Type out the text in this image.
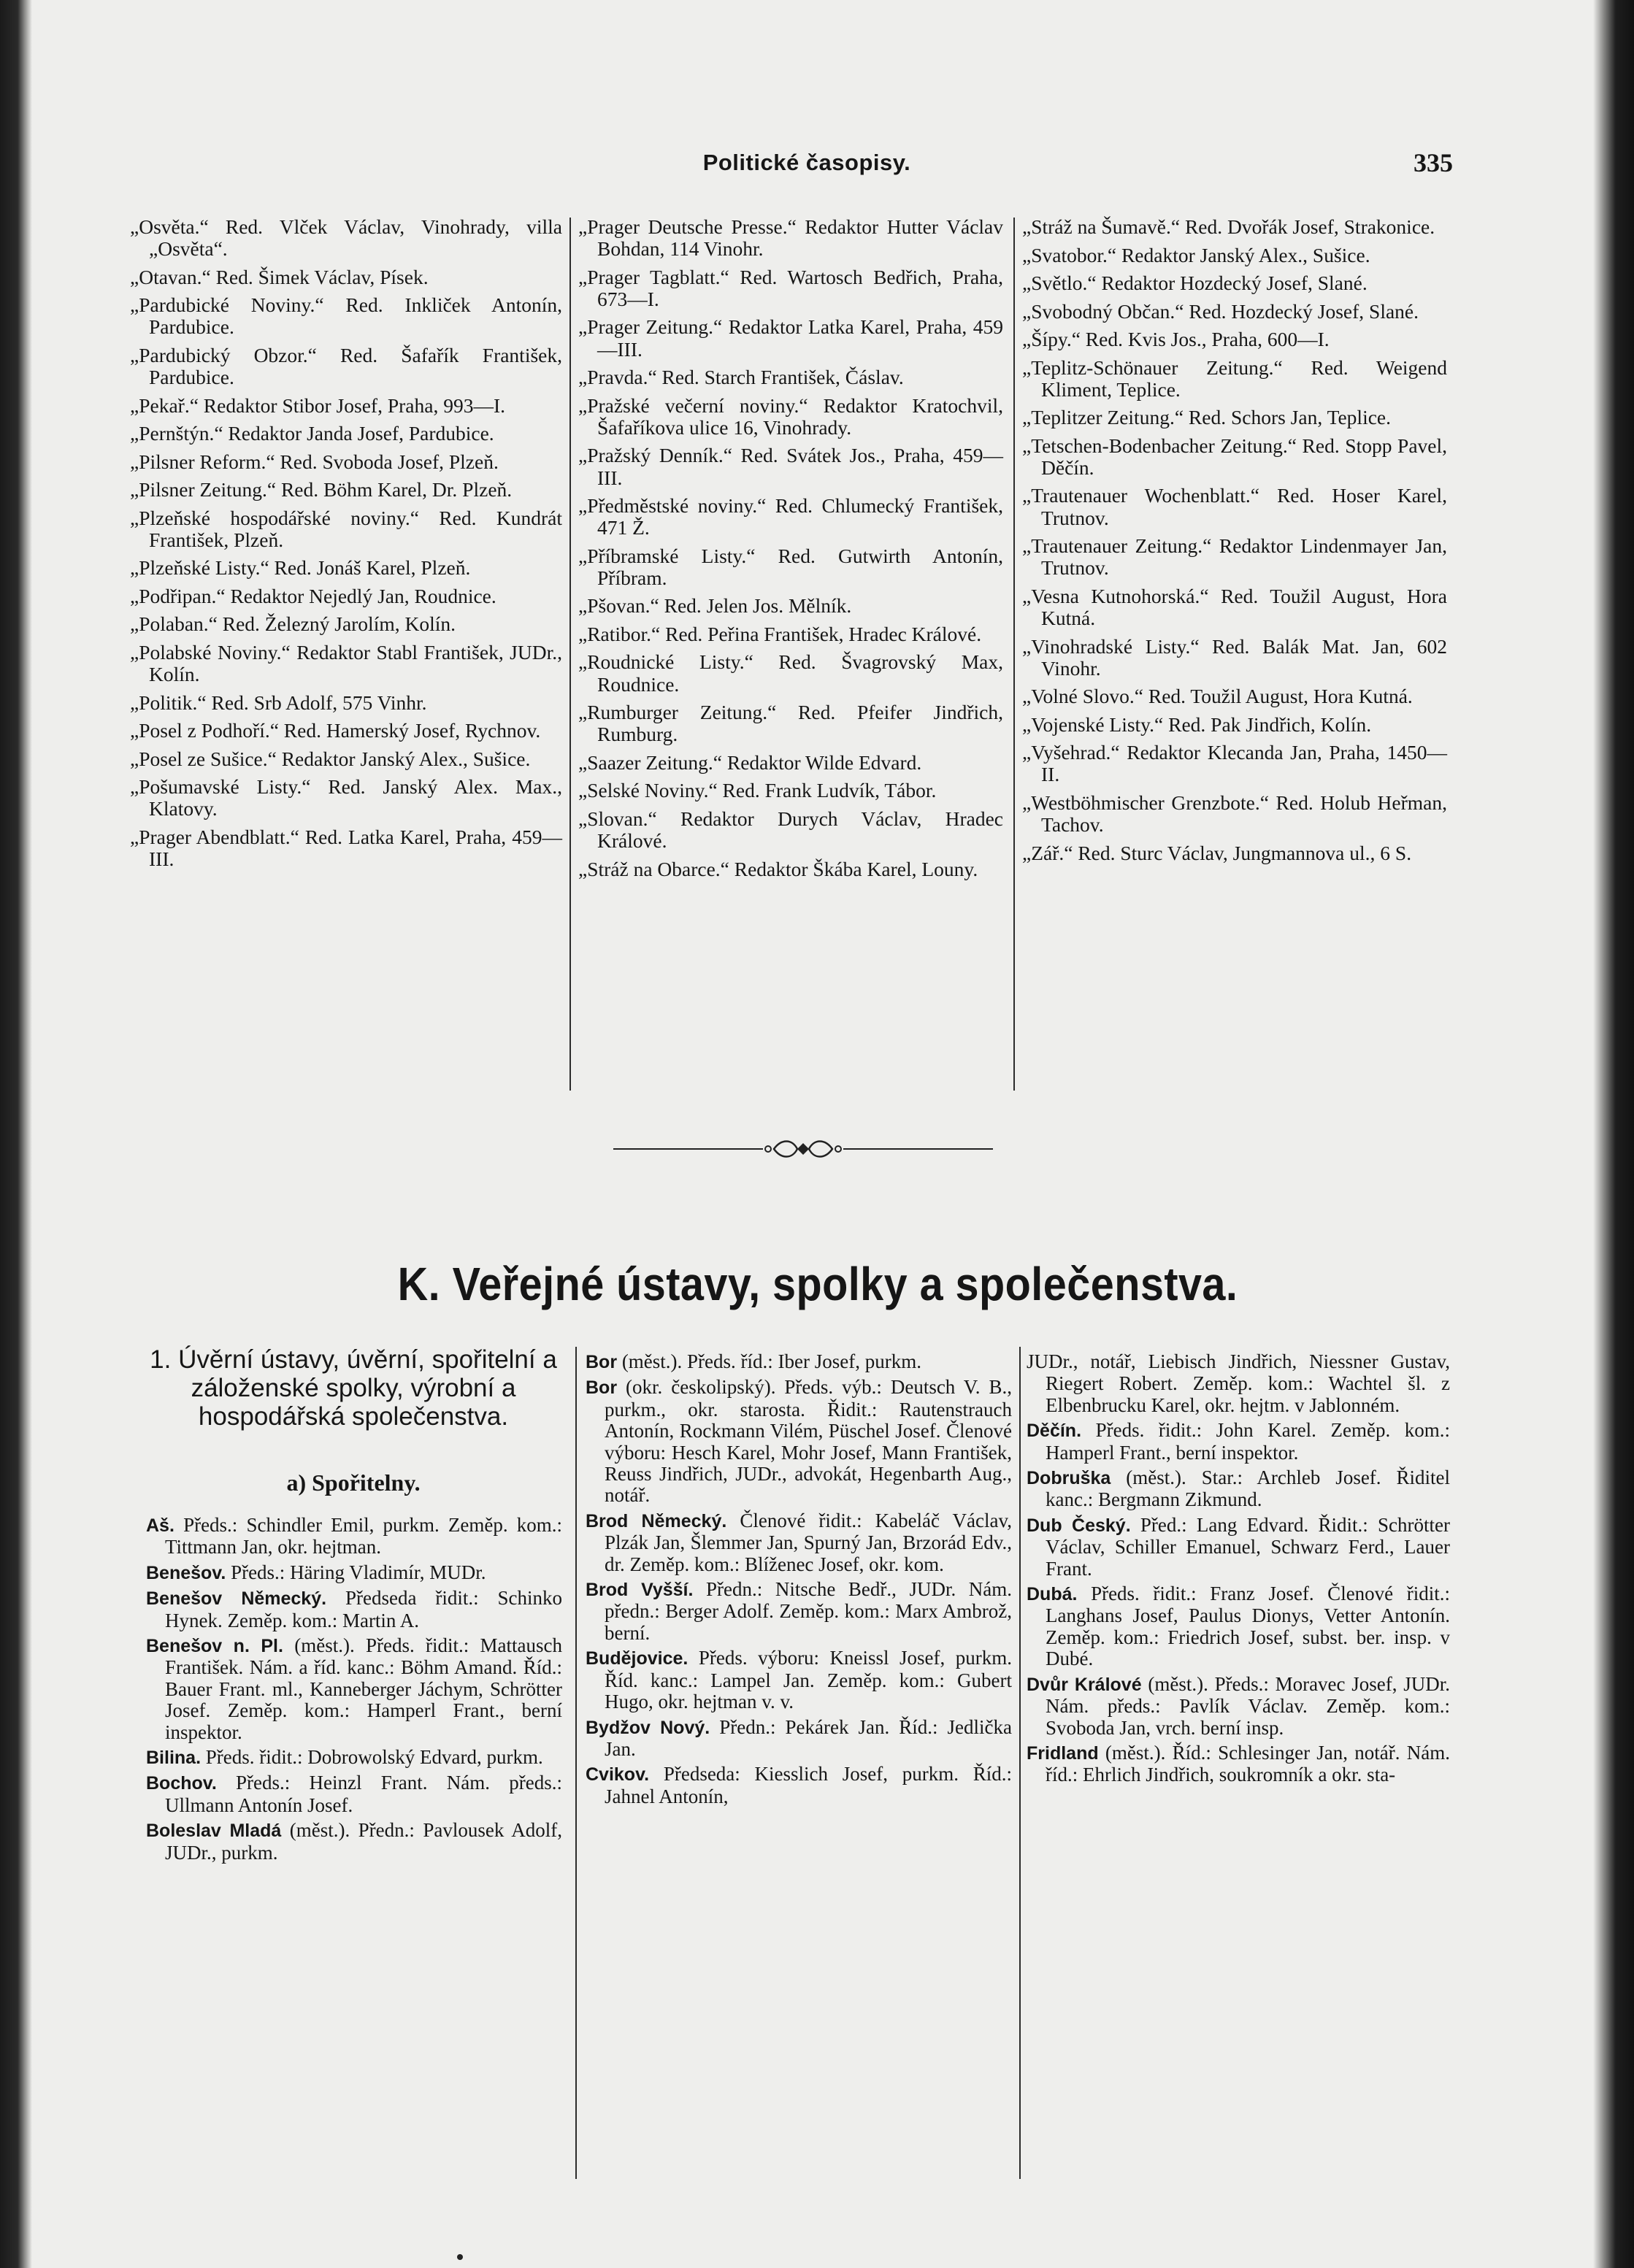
Politické časopisy.	335
„Osvěta.“ Red. Vlček Václav, Vinohrady, villa „Osvěta“.
„Otavan.“ Red. Šimek Václav, Písek.
„Pardubické Noviny.“ Red. Inkliček Antonín, Pardubice.
„Pardubický Obzor.“ Red. Šafařík František, Pardubice.
„Pekař.“ Redaktor Stibor Josef, Praha, 993—I.
„Pernštýn.“ Redaktor Janda Josef, Pardubice.
„Pilsner Reform.“ Red. Svoboda Josef, Plzeň.
„Pilsner Zeitung.“ Red. Böhm Karel, Dr. Plzeň.
„Plzeňské hospodářské noviny.“ Red. Kundrát František, Plzeň.
„Plzeňské Listy.“ Red. Jonáš Karel, Plzeň.
„Podřipan.“ Redaktor Nejedlý Jan, Roudnice.
„Polaban.“ Red. Železný Jarolím, Kolín.
„Polabské Noviny.“ Redaktor Stabl František, JUDr., Kolín.
„Politik.“ Red. Srb Adolf, 575 Vinhr.
„Posel z Podhoří.“ Red. Hamerský Josef, Rychnov.
„Posel ze Sušice.“ Redaktor Janský Alex., Sušice.
„Pošumavské Listy.“ Red. Janský Alex. Max., Klatovy.
„Prager Abendblatt.“ Red. Latka Karel, Praha, 459—III.
„Prager Deutsche Presse.“ Redaktor Hutter Václav Bohdan, 114 Vinohr.
„Prager Tagblatt.“ Red. Wartosch Bedřich, Praha, 673—I.
„Prager Zeitung.“ Redaktor Latka Karel, Praha, 459—III.
„Pravda.“ Red. Starch František, Čáslav.
„Pražské večerní noviny.“ Redaktor Kratochvil, Šafaříkova ulice 16, Vinohrady.
„Pražský Denník.“ Red. Svátek Jos., Praha, 459—III.
„Předměstské noviny.“ Red. Chlumecký František, 471 Ž.
„Příbramské Listy.“ Red. Gutwirth Antonín, Příbram.
„Pšovan.“ Red. Jelen Jos. Mělník.
„Ratibor.“ Red. Peřina František, Hradec Králové.
„Roudnické Listy.“ Red. Švagrovský Max, Roudnice.
„Rumburger Zeitung.“ Red. Pfeifer Jindřich, Rumburg.
„Saazer Zeitung.“ Redaktor Wilde Edvard.
„Selské Noviny.“ Red. Frank Ludvík, Tábor.
„Slovan.“ Redaktor Durych Václav, Hradec Králové.
„Stráž na Obarce.“ Redaktor Škába Karel, Louny.
„Stráž na Šumavě.“ Red. Dvořák Josef, Strakonice.
„Svatobor.“ Redaktor Janský Alex., Sušice.
„Světlo.“ Redaktor Hozdecký Josef, Slané.
„Svobodný Občan.“ Red. Hozdecký Josef, Slané.
„Šípy.“ Red. Kvis Jos., Praha, 600—I.
„Teplitz-Schönauer Zeitung.“ Red. Weigend Kliment, Teplice.
„Teplitzer Zeitung.“ Red. Schors Jan, Teplice.
„Tetschen-Bodenbacher Zeitung.“ Red. Stopp Pavel, Děčín.
„Trautenauer Wochenblatt.“ Red. Hoser Karel, Trutnov.
„Trautenauer Zeitung.“ Redaktor Lindenmayer Jan, Trutnov.
„Vesna Kutnohorská.“ Red. Toužil August, Hora Kutná.
„Vinohradské Listy.“ Red. Balák Mat. Jan, 602 Vinohr.
„Volné Slovo.“ Red. Toužil August, Hora Kutná.
„Vojenské Listy.“ Red. Pak Jindřich, Kolín.
„Vyšehrad.“ Redaktor Klecanda Jan, Praha, 1450—II.
„Westböhmischer Grenzbote.“ Red. Holub Heřman, Tachov.
„Zář.“ Red. Sturc Václav, Jungmannova ul., 6 S.
K. Veřejné ústavy, spolky a společenstva.
1. Úvěrní ústavy, úvěrní, spořitelní a záloženské spolky, výrobní a hospodářská společenstva.
a) Spořitelny.
Aš. Předs.: Schindler Emil, purkm. Zeměp. kom.: Tittmann Jan, okr. hejtman.
Benešov. Předs.: Häring Vladimír, MUDr.
Benešov Německý. Předseda řidit.: Schinko Hynek. Zeměp. kom.: Martin A.
Benešov n. Pl. (měst.). Předs. řidit.: Mattausch František. Nám. a říd. kanc.: Böhm Amand. Říd.: Bauer Frant. ml., Kanneberger Jáchym, Schrötter Josef. Zeměp. kom.: Hamperl Frant., berní inspektor.
Bilina. Předs. řidit.: Dobrowolský Edvard, purkm.
Bochov. Předs.: Heinzl Frant. Nám. předs.: Ullmann Antonín Josef.
Boleslav Mladá (měst.). Předn.: Pavlousek Adolf, JUDr., purkm.
Bor (měst.). Předs. říd.: Iber Josef, purkm.
Bor (okr. českolipský). Předs. výb.: Deutsch V. B., purkm., okr. starosta. Řidit.: Rautenstrauch Antonín, Rockmann Vilém, Püschel Josef. Členové výboru: Hesch Karel, Mohr Josef, Mann František, Reuss Jindřich, JUDr., advokát, Hegenbarth Aug., notář.
Brod Německý. Členové řidit.: Kabeláč Václav, Plzák Jan, Šlemmer Jan, Spurný Jan, Brzorád Edv., dr. Zeměp. kom.: Blíženec Josef, okr. kom.
Brod Vyšší. Předn.: Nitsche Bedř., JUDr. Nám. předn.: Berger Adolf. Zeměp. kom.: Marx Ambrož, berní.
Budějovice. Předs. výboru: Kneissl Josef, purkm. Říd. kanc.: Lampel Jan. Zeměp. kom.: Gubert Hugo, okr. hejtman v. v.
Bydžov Nový. Předn.: Pekárek Jan. Říd.: Jedlička Jan.
Cvikov. Předseda: Kiesslich Josef, purkm. Říd.: Jahnel Antonín,
JUDr., notář, Liebisch Jindřich, Niessner Gustav, Riegert Robert. Zeměp. kom.: Wachtel šl. z Elbenbrucku Karel, okr. hejtm. v Jablonném.
Děčín. Předs. řidit.: John Karel. Zeměp. kom.: Hamperl Frant., berní inspektor.
Dobruška (měst.). Star.: Archleb Josef. Řiditel kanc.: Bergmann Zikmund.
Dub Český. Před.: Lang Edvard. Řidit.: Schrötter Václav, Schiller Emanuel, Schwarz Ferd., Lauer Frant.
Dubá. Předs. řidit.: Franz Josef. Členové řidit.: Langhans Josef, Paulus Dionys, Vetter Antonín. Zeměp. kom.: Friedrich Josef, subst. ber. insp. v Dubé.
Dvůr Králové (měst.). Předs.: Moravec Josef, JUDr. Nám. předs.: Pavlík Václav. Zeměp. kom.: Svoboda Jan, vrch. berní insp.
Fridland (měst.). Říd.: Schlesinger Jan, notář. Nám. říd.: Ehrlich Jindřich, soukromník a okr. sta-
